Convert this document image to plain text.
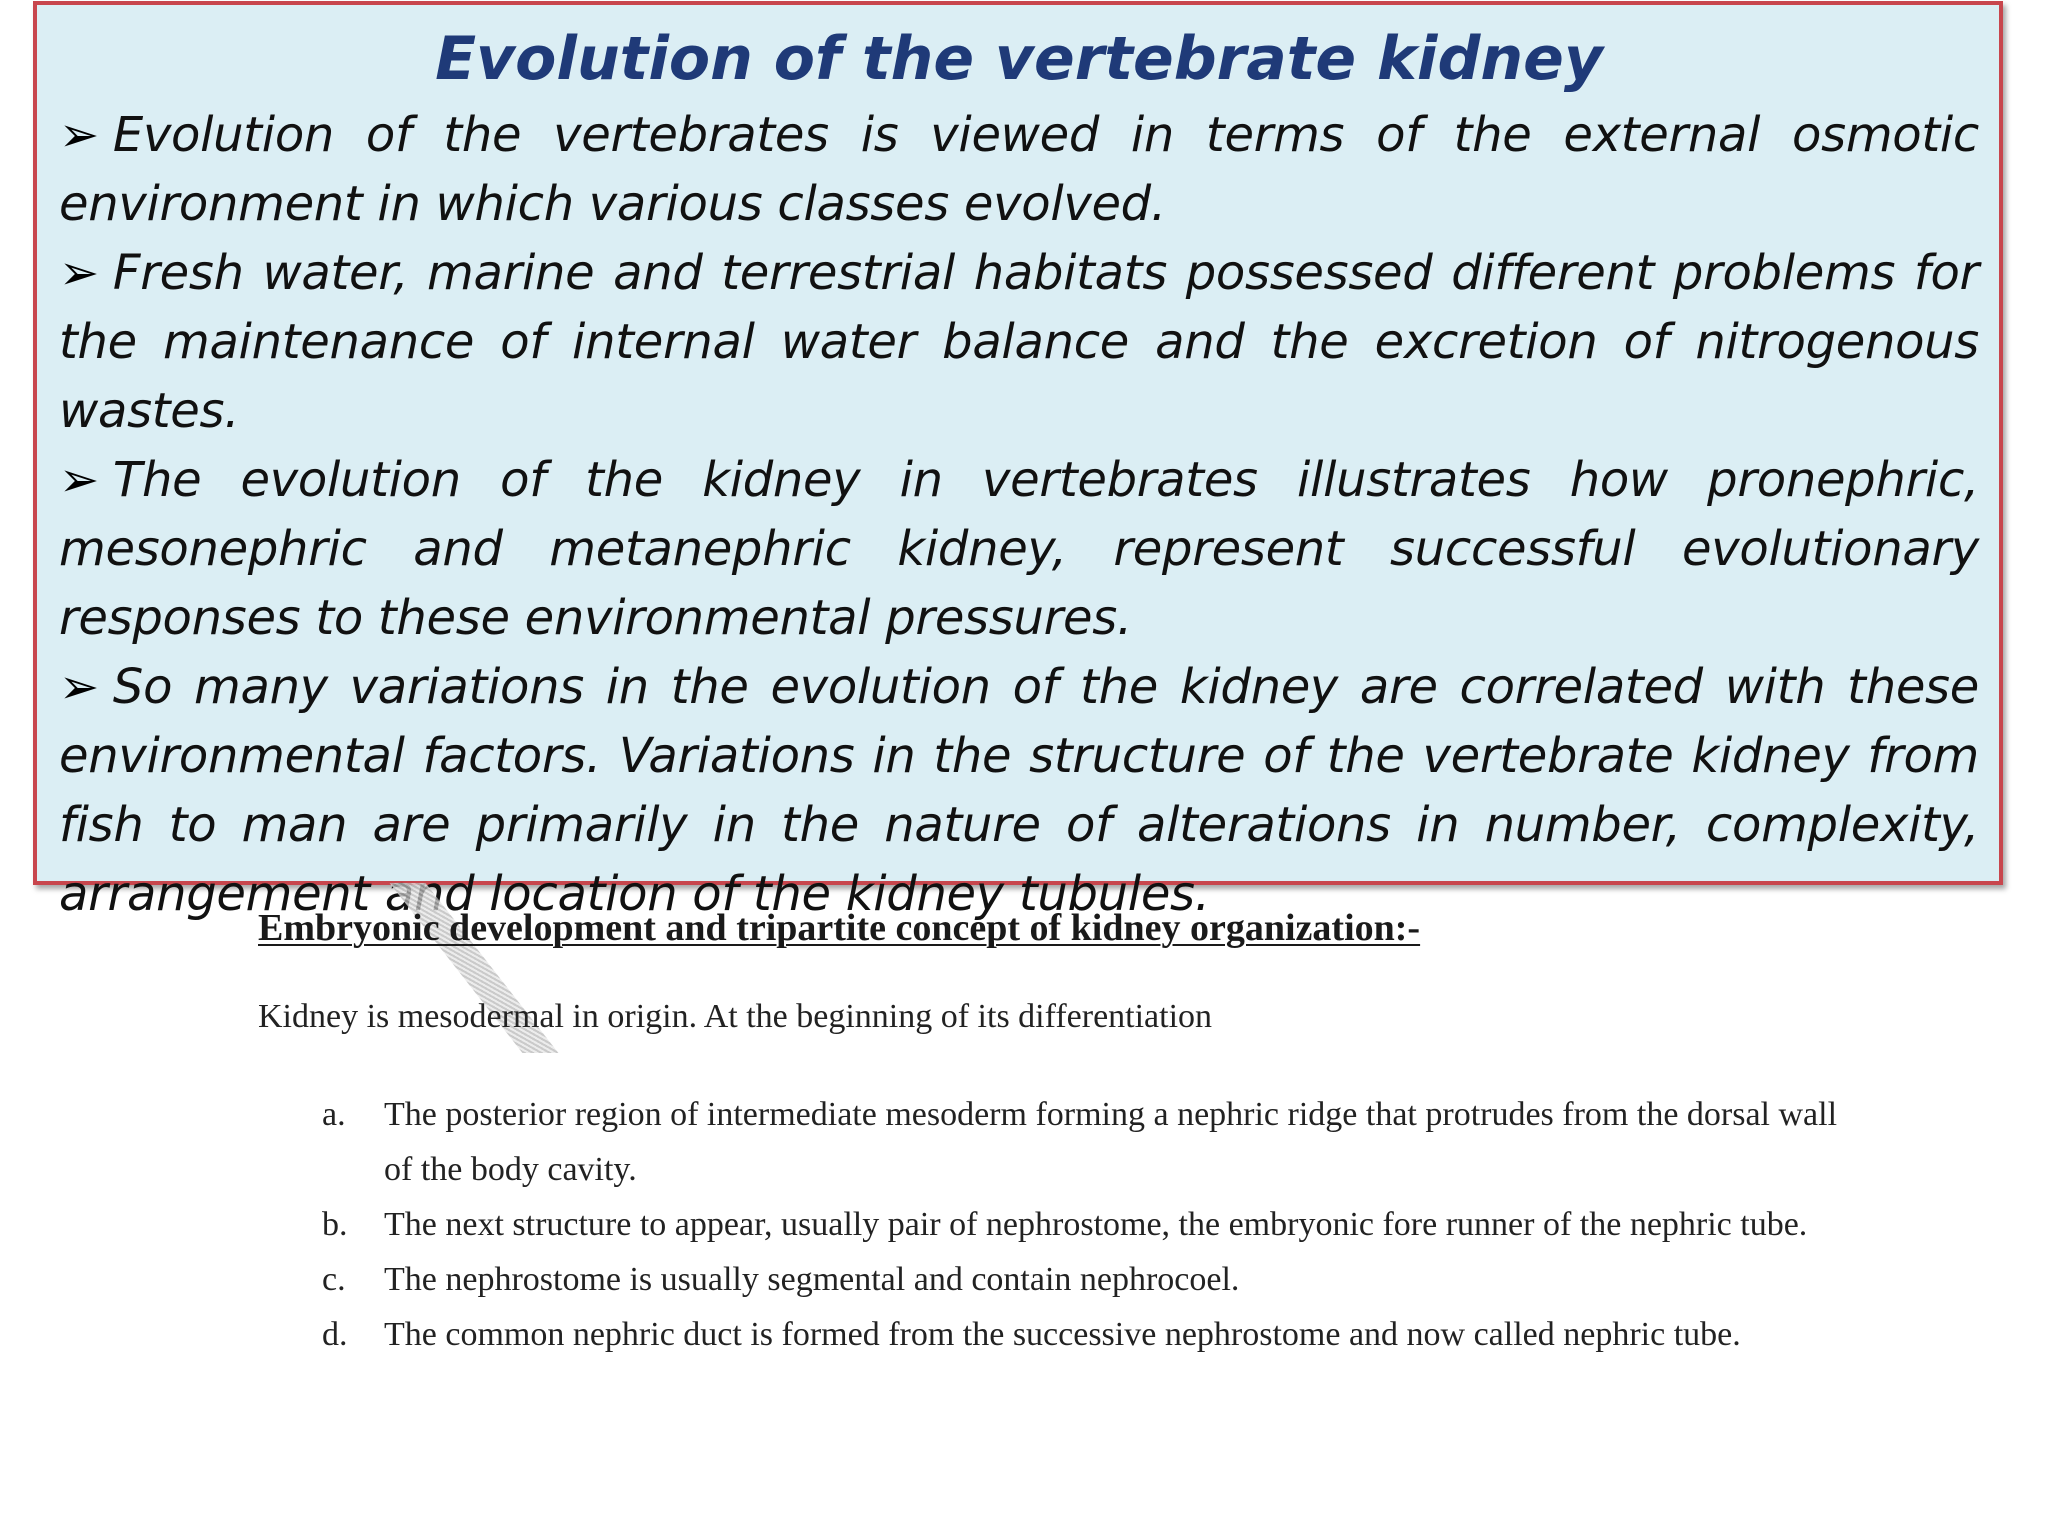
Evolution of the vertebrate kidney
➢ Evolution of the vertebrates is viewed in terms of the external osmotic environment in which various classes evolved.
➢ Fresh water, marine and terrestrial habitats possessed different problems for the maintenance of internal water balance and the excretion of nitrogenous wastes.
➢ The evolution of the kidney in vertebrates illustrates how pronephric, mesonephric and metanephric kidney, represent successful evolutionary responses to these environmental pressures.
➢ So many variations in the evolution of the kidney are correlated with these environmental factors. Variations in the structure of the vertebrate kidney from fish to man are primarily in the nature of alterations in number, complexity, arrangement and location of the kidney tubules.
Embryonic development and tripartite concept of kidney organization:-

Kidney is mesodermal in origin. At the beginning of its differentiation

a. The posterior region of intermediate mesoderm forming a nephric ridge that protrudes from the dorsal wall of the body cavity.
b. The next structure to appear, usually pair of nephrostome, the embryonic fore runner of the nephric tube.
c. The nephrostome is usually segmental and contain nephrocoel.
d. The common nephric duct is formed from the successive nephrostome and now called nephric tube.
